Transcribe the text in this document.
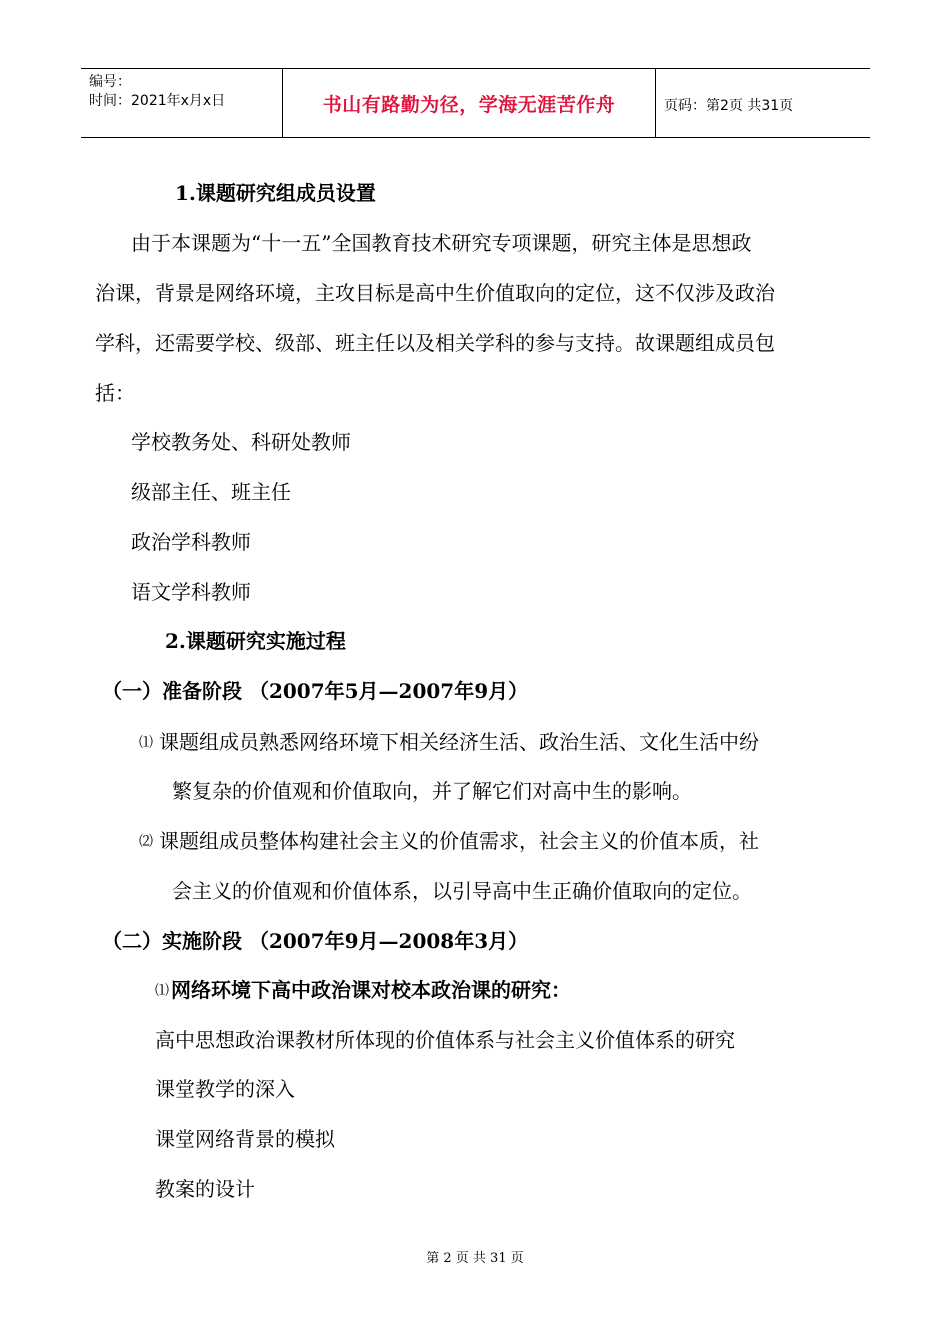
编号：
时间：2021年x月x日	书山有路勤为径，学海无涯苦作舟	页码：第2页 共31页
1.课题研究组成员设置
由于本课题为“十一五”全国教育技术研究专项课题，研究主体是思想政
治课，背景是网络环境，主攻目标是高中生价值取向的定位，这不仅涉及政治
学科，还需要学校、级部、班主任以及相关学科的参与支持。故课题组成员包
括：
学校教务处、科研处教师
级部主任、班主任
政治学科教师
语文学科教师
2.课题研究实施过程
（一）准备阶段 （2007年5月—2007年9月）
⑴ 课题组成员熟悉网络环境下相关经济生活、政治生活、文化生活中纷
繁复杂的价值观和价值取向，并了解它们对高中生的影响。
⑵ 课题组成员整体构建社会主义的价值需求，社会主义的价值本质，社
会主义的价值观和价值体系，以引导高中生正确价值取向的定位。
（二）实施阶段 （2007年9月—2008年3月）
⑴ 网络环境下高中政治课对校本政治课的研究：
高中思想政治课教材所体现的价值体系与社会主义价值体系的研究
课堂教学的深入
课堂网络背景的模拟
教案的设计
第 2 页 共 31 页
